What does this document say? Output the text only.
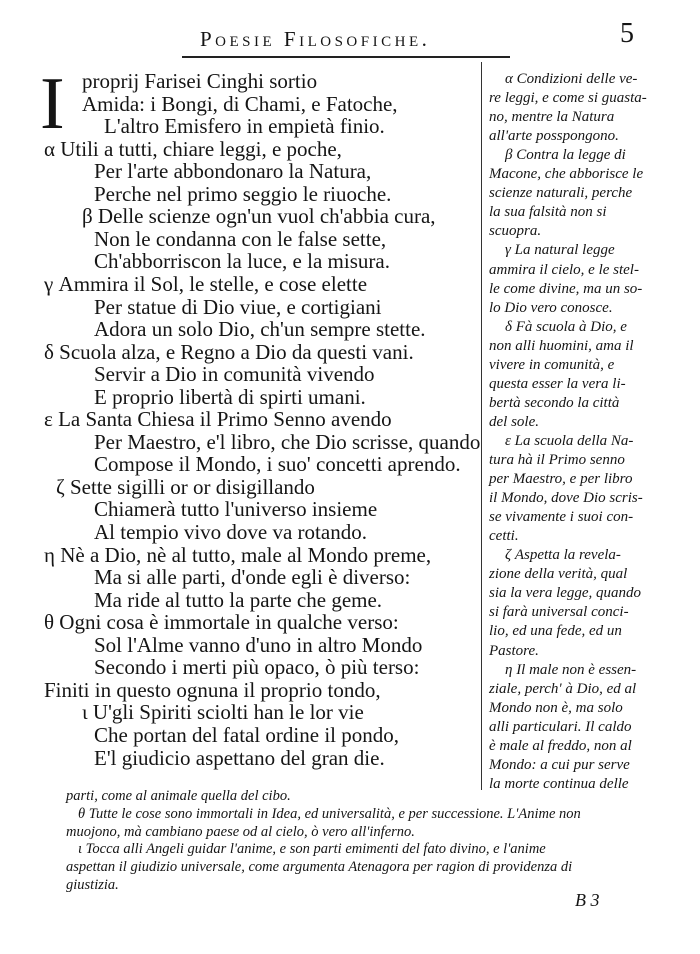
Poesie Filosofiche.	5
I proprij Farisei Cinghi sortio
Amida: i Bongi, di Chami, e Fatoche,
L'altro Emisfero in empietà finio.
α Utili a tutti, chiare leggi, e poche,
Per l'arte abbondonaro la Natura,
Perche nel primo seggio le riuoche.
β Delle scienze ogn'un vuol ch'abbia cura,
Non le condanna con le false sette,
Ch'abborriscon la luce, e la misura.
γ Ammira il Sol, le stelle, e cose elette
Per statue di Dio viue, e cortigiani
Adora un solo Dio, ch'un sempre stette.
δ Scuola alza, e Regno a Dio da questi vani.
Servir a Dio in comunità vivendo
E proprio libertà di spirti umani.
ε La Santa Chiesa il Primo Senno avendo
Per Maestro, e'l libro, che Dio scrisse, quando
Compose il Mondo, i suo' concetti aprendo.
ζ Sette sigilli or or disigillando
Chiamerà tutto l'universo insieme
Al tempio vivo dove va rotando.
η Nè a Dio, nè al tutto, male al Mondo preme,
Ma si alle parti, d'onde egli è diverso:
Ma ride al tutto la parte che geme.
θ Ogni cosa è immortale in qualche verso:
Sol l'Alme vanno d'uno in altro Mondo
Secondo i merti più opaco, ò più terso:
Finiti in questo ognuna il proprio tondo,
ι U'gli Spiriti sciolti han le lor vie
Che portan del fatal ordine il pondo,
E'l giudicio aspettano del gran die.
α Condizioni delle ve-
re leggi, e come si guasta-
no, mentre la Natura
all'arte posspongono.
β Contra la legge di
Macone, che abborisce le
scienze naturali, perche
la sua falsità non si
scuopra.
γ La natural legge
ammira il cielo, e le stel-
le come divine, ma un so-
lo Dio vero conosce.
δ Fà scuola à Dio, e
non alli huomini, ama il
vivere in comunità, e
questa esser la vera li-
bertà secondo la città
del sole.
ε La scuola della Na-
tura hà il Primo senno
per Maestro, e per libro
il Mondo, dove Dio scris-
se vivamente i suoi con-
cetti.
ζ Aspetta la revela-
zione della verità, qual
sia la vera legge, quando
si farà universal conci-
lio, ed una fede, ed un
Pastore.
η Il male non è essen-
ziale, perch' à Dio, ed al
Mondo non è, ma solo
alli particulari. Il caldo
è male al freddo, non al
Mondo: a cui pur serve
la morte continua delle
parti, come al animale quella del cibo.
θ Tutte le cose sono immortali in Idea, ed universalità, e per successione. L'Anime non
muojono, mà cambiano paese od al cielo, ò vero all'inferno.
ι Tocca alli Angeli guidar l'anime, e son parti emimenti del fato divino, e l'anime
aspettan il giudizio universale, come argumenta Atenagora per ragion di providenza di
giustizia.
B 3
